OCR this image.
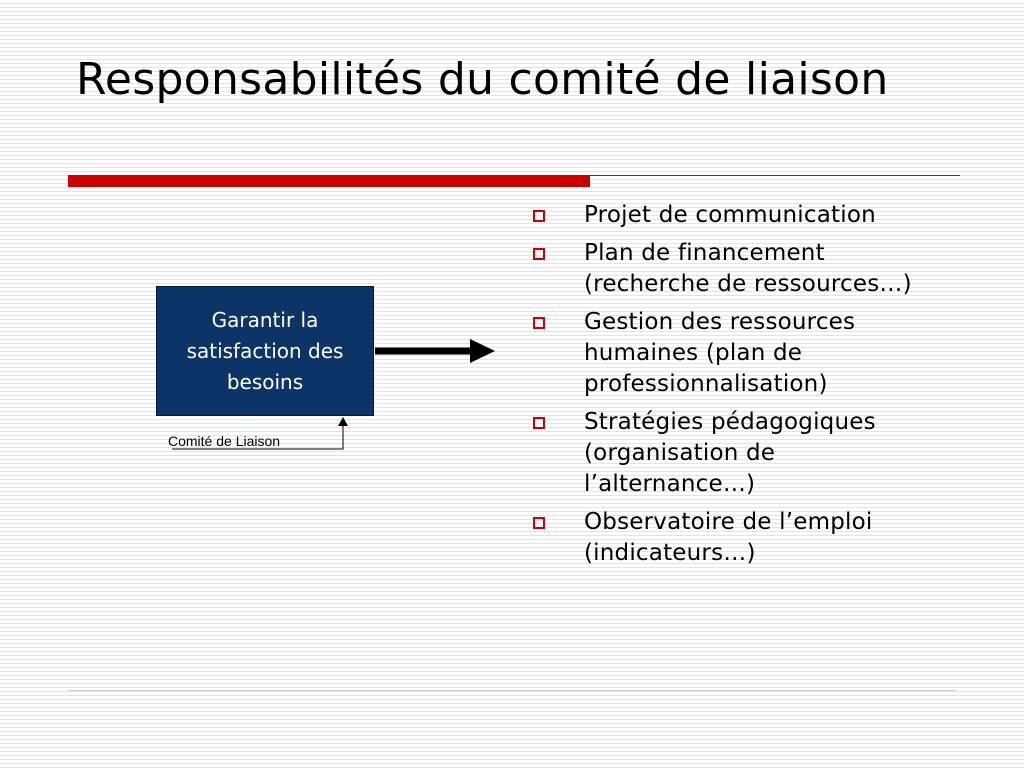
Responsabilités du comité de liaison
Garantir la satisfaction des besoins
Comité de Liaison
Projet de communication
Plan de financement (recherche de ressources…)
Gestion des ressources humaines (plan de professionnalisation)
Stratégies pédagogiques (organisation de l’alternance…)
Observatoire de l’emploi (indicateurs…)
